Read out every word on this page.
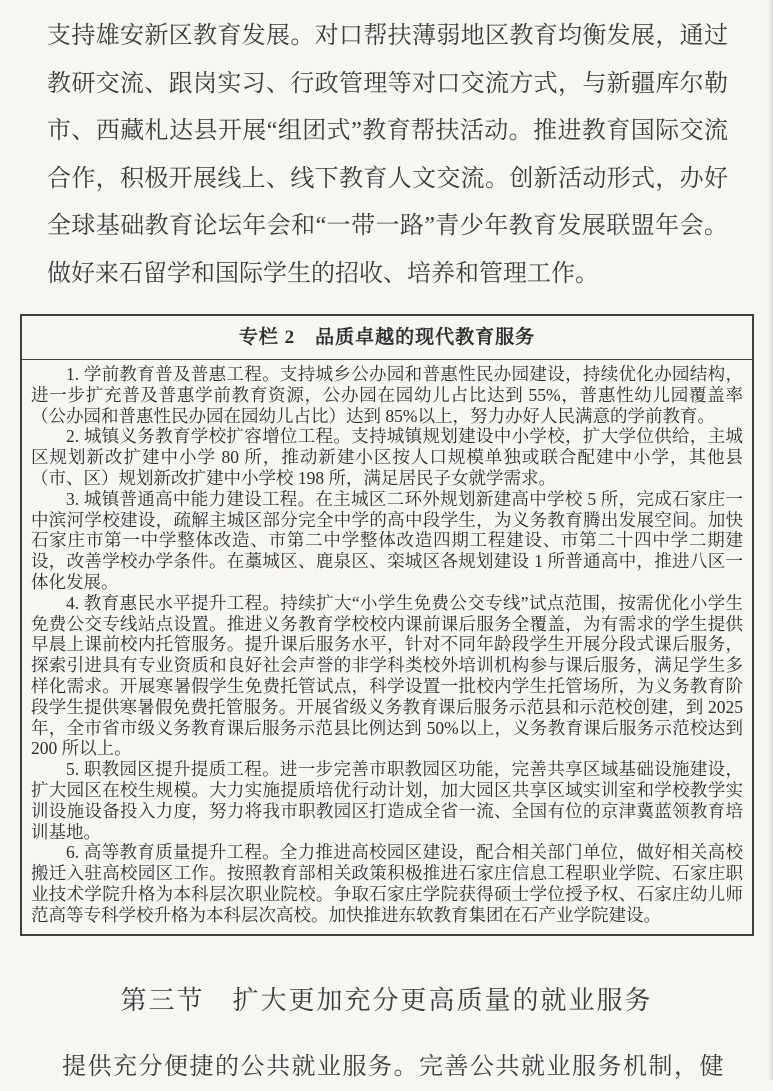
支持雄安新区教育发展。对口帮扶薄弱地区教育均衡发展，通过教研交流、跟岗实习、行政管理等对口交流方式，与新疆库尔勒市、西藏札达县开展“组团式”教育帮扶活动。推进教育国际交流合作，积极开展线上、线下教育人文交流。创新活动形式，办好全球基础教育论坛年会和“一带一路”青少年教育发展联盟年会。做好来石留学和国际学生的招收、培养和管理工作。

专栏 2　品质卓越的现代教育服务

1. 学前教育普及普惠工程。支持城乡公办园和普惠性民办园建设，持续优化办园结构，进一步扩充普及普惠学前教育资源，公办园在园幼儿占比达到 55%，普惠性幼儿园覆盖率（公办园和普惠性民办园在园幼儿占比）达到 85%以上，努力办好人民满意的学前教育。

2. 城镇义务教育学校扩容增位工程。支持城镇规划建设中小学校，扩大学位供给，主城区规划新改扩建中小学 80 所，推动新建小区按人口规模单独或联合配建中小学，其他县（市、区）规划新改扩建中小学校 198 所，满足居民子女就学需求。

3. 城镇普通高中能力建设工程。在主城区二环外规划新建高中学校 5 所，完成石家庄一中滨河学校建设，疏解主城区部分完全中学的高中段学生，为义务教育腾出发展空间。加快石家庄市第一中学整体改造、市第二中学整体改造四期工程建设、市第二十四中学二期建设，改善学校办学条件。在藁城区、鹿泉区、栾城区各规划建设 1 所普通高中，推进八区一体化发展。

4. 教育惠民水平提升工程。持续扩大“小学生免费公交专线”试点范围，按需优化小学生免费公交专线站点设置。推进义务教育学校校内课前课后服务全覆盖，为有需求的学生提供早晨上课前校内托管服务。提升课后服务水平，针对不同年龄段学生开展分段式课后服务，探索引进具有专业资质和良好社会声誉的非学科类校外培训机构参与课后服务，满足学生多样化需求。开展寒暑假学生免费托管试点，科学设置一批校内学生托管场所，为义务教育阶段学生提供寒暑假免费托管服务。开展省级义务教育课后服务示范县和示范校创建，到 2025 年，全市省市级义务教育课后服务示范县比例达到 50%以上，义务教育课后服务示范校达到 200 所以上。

5. 职教园区提升提质工程。进一步完善市职教园区功能，完善共享区域基础设施建设，扩大园区在校生规模。大力实施提质培优行动计划，加大园区共享区域实训室和学校教学实训设施设备投入力度，努力将我市职教园区打造成全省一流、全国有位的京津冀蓝领教育培训基地。

6. 高等教育质量提升工程。全力推进高校园区建设，配合相关部门单位，做好相关高校搬迁入驻高校园区工作。按照教育部相关政策积极推进石家庄信息工程职业学院、石家庄职业技术学院升格为本科层次职业院校。争取石家庄学院获得硕士学位授予权、石家庄幼儿师范高等专科学校升格为本科层次高校。加快推进东软教育集团在石产业学院建设。

第三节　扩大更加充分更高质量的就业服务

提供充分便捷的公共就业服务。完善公共就业服务机制，健
